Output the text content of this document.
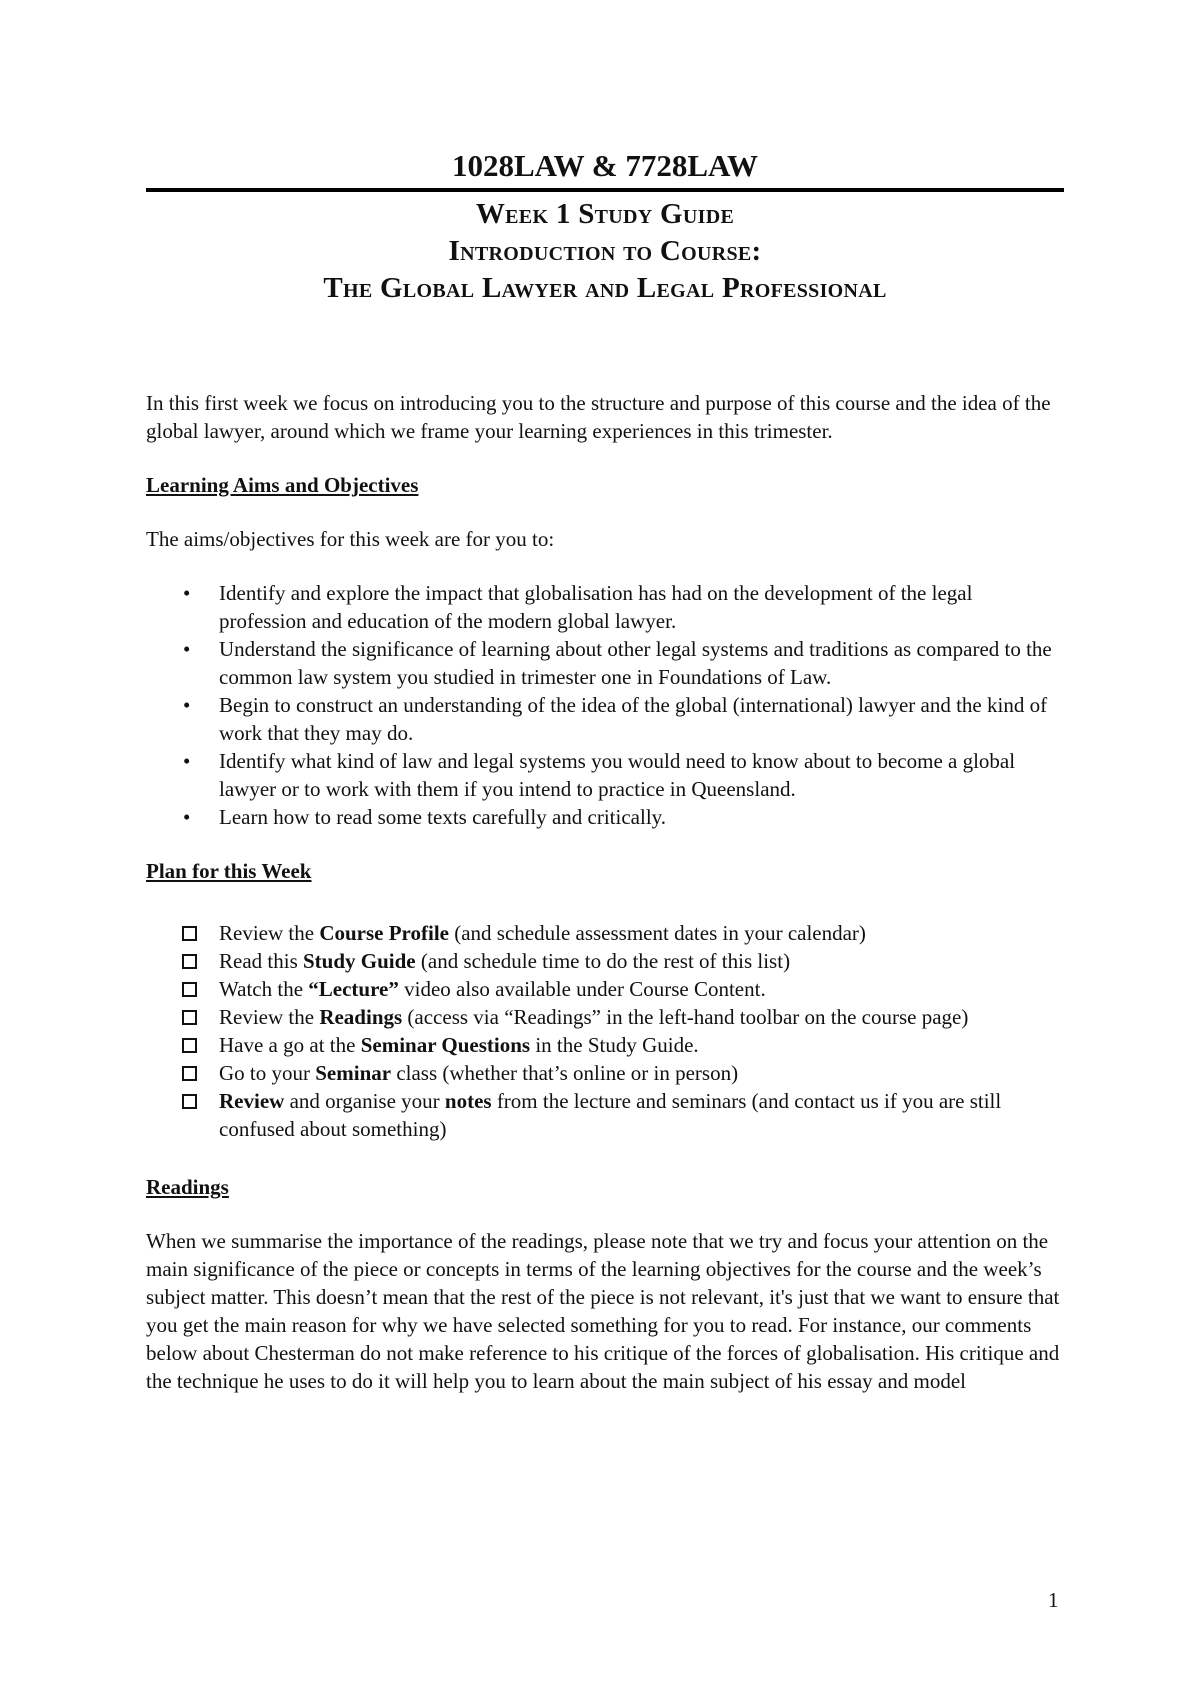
1028LAW & 7728LAW

Week 1 Study Guide

Introduction to Course:

The Global Lawyer and Legal Professional

In this first week we focus on introducing you to the structure and purpose of this course and the idea of the global lawyer, around which we frame your learning experiences in this trimester.

Learning Aims and Objectives

The aims/objectives for this week are for you to:

• Identify and explore the impact that globalisation has had on the development of the legal profession and education of the modern global lawyer.
• Understand the significance of learning about other legal systems and traditions as compared to the common law system you studied in trimester one in Foundations of Law.
• Begin to construct an understanding of the idea of the global (international) lawyer and the kind of work that they may do.
• Identify what kind of law and legal systems you would need to know about to become a global lawyer or to work with them if you intend to practice in Queensland.
• Learn how to read some texts carefully and critically.

Plan for this Week

Review the Course Profile (and schedule assessment dates in your calendar)
Read this Study Guide (and schedule time to do the rest of this list)
Watch the “Lecture” video also available under Course Content.
Review the Readings (access via “Readings” in the left-hand toolbar on the course page)
Have a go at the Seminar Questions in the Study Guide.
Go to your Seminar class (whether that’s online or in person)
Review and organise your notes from the lecture and seminars (and contact us if you are still confused about something)

Readings

When we summarise the importance of the readings, please note that we try and focus your attention on the main significance of the piece or concepts in terms of the learning objectives for the course and the week’s subject matter. This doesn’t mean that the rest of the piece is not relevant, it's just that we want to ensure that you get the main reason for why we have selected something for you to read. For instance, our comments below about Chesterman do not make reference to his critique of the forces of globalisation. His critique and the technique he uses to do it will help you to learn about the main subject of his essay and model

1
